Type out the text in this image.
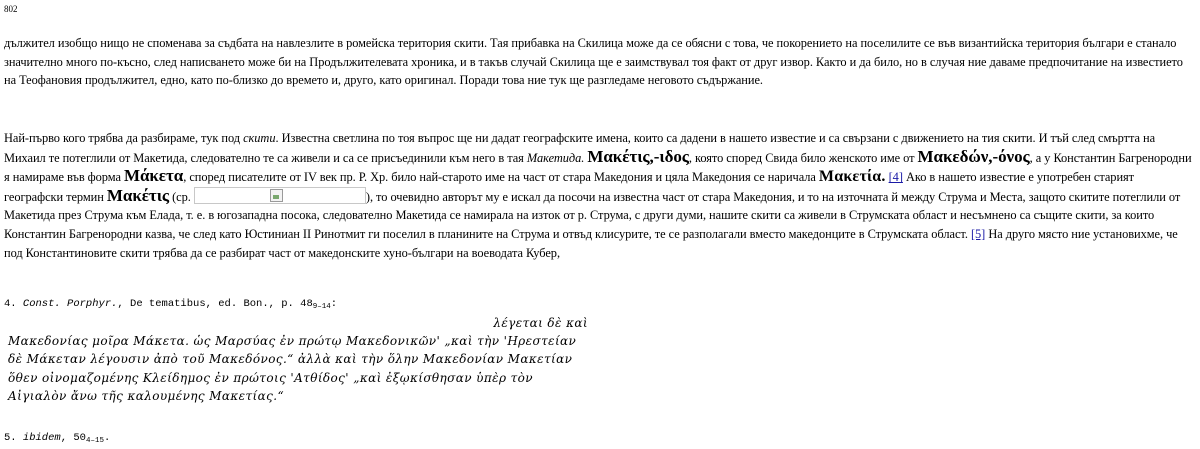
802
дължител изобщо нищо не споменава за съдбата на навлезлите в ромейска територия скити. Тая прибавка на Скилица може да се обясни с това, че покорението на поселилите се във византийска територия българи е станало значително много по-късно, след написването може би на Продължителевата хроника, и в такъв случай Скилица ще е заимствувал тоя факт от друг извор. Както и да било, но в случая ние даваме предпочитание на известието на Теофановия продължител, едно, като по-близко до времето и, друго, като оригинал. Поради това ние тук ще разгледаме неговото съдържание.
Най-първо кого трябва да разбираме, тук под скити. Известна светлина по тоя въпрос ще ни дадат географските имена, които са дадени в нашето известие и са свързани с движението на тия скити. И тъй след смъртта на Михаил те потеглили от Макетида, следователно те са живели и са се присъединили към него в тая Макетида. Μακέτις,-ιδος, която според Свида било женското име от Μακεδών,-όνος, а у Константин Багренородни я намираме във форма Μάκετα, според писателите от IV век пр. Р. Хр. било най-старото име на част от стара Македония и цяла Македония се наричала Μακετία. [4] Ако в нашето известие е употребен старият географски термин Μακέτις (ср.	), то очевидно авторът му е искал да посочи на известна част от стара Македония, и то на източната й между Струма и Места, защото скитите потеглили от Макетида през Струма към Елада, т. е. в югозападна посока, следователно Макетида се намирала на изток от р. Струма, с други думи, нашите скити са живели в Струмската област и несъмнено са същите скити, за които Константин Багренородни казва, че след като Юстиниан II Ринотмит ги поселил в планините на Струма и отвъд клисурите, те се разполагали вместо македонците в Струмската област. [5] На друго място ние установихме, че под Константиновите скити трябва да се разбират част от македонските хуно-българи на воеводата Кубер,
4. Const. Porphyr., De tematibus, ed. Bon., p. $48_{9-14}$:
λέγεται δὲ καὶ
Μακεδονίας μοῖρα Μάκετα. ὡς Μαρσύας ἐν πρώτῳ Μακεδονικῶν' „καὶ τὴν 'Ηρεστείαν
δὲ Μάκεταν λέγουσιν ἀπὸ τοῦ Μακεδόνος.“ ἀλλὰ καὶ τὴν ὅλην Μακεδονίαν Μακετίαν
ὅθεν οἰνομαζομένης Κλείδημος ἐν πρώτοις 'Ατθίδος' „καὶ ἐξῳκίσθησαν ὑπὲρ τὸν
Αἰγιαλὸν ἄνω τῆς καλουμένης Μακετίας.“
5. ibidem, $50_{4-15}$.
